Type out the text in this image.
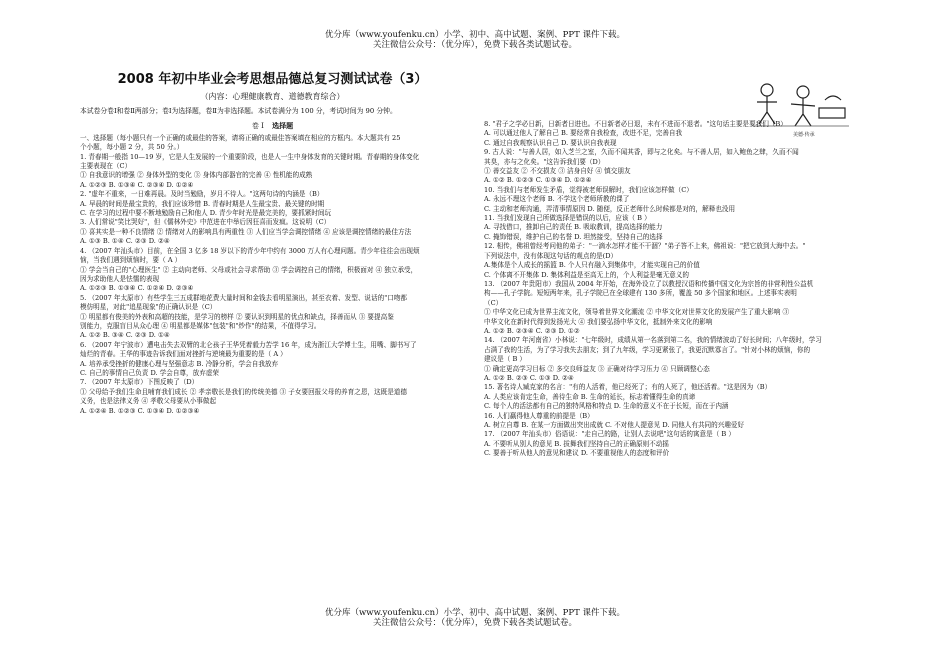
优分库（www.youfenku.cn）小学、初中、高中试题、案例、PPT 课件下载。
关注微信公众号：（优分库），免费下载各类试题试卷。
2008 年初中毕业会考思想品德总复习测试试卷（3）
（内容：心理健康教育、道德教育综合）
本试卷分卷Ⅰ和卷Ⅱ两部分；卷Ⅰ为选择题，卷Ⅱ为非选择题。本试卷满分为 100 分，考试时间为 90 分钟。
卷 Ⅰ 选择题
一、选择题（每小题只有一个正确的或最佳的答案，请将正确的或最佳答案填在相应的方框内。本大题共有 25
个小题，每小题 2 分，共 50 分。）
1. 青春期一般指 10—19 岁，它是人生发展的一个重要阶段，也是人一生中身体发育的关键时期。青春期的身体变化
主要表现在（C）
① 自我意识的增强 ② 身体外型的变化 ③ 身体内部器官的完善 ④ 性机能的成熟
A. ①②③ B. ①③④ C. ②③④ D. ①②④
2. "虚年不重来，一日难再晨。及时当勉励，岁月不待人。"这两句诗的内涵是（B）
A. 早晨的时间是最宝贵的，我们应该珍惜 B. 青春时期是人生最宝贵、最关键的时期
C. 在学习的过程中要不断地勉励自己和他人 D. 青少年时光是最完美的，要抓紧时间玩
3. 人们常说"笑比哭好"，但《儒林外史》中范进在中举后因狂喜而发疯。这说明（C）
① 喜其实是一种不良情绪 ② 情绪对人的影响具有两重性 ③ 人们应当学会调控情绪 ④ 应该是调控情绪的最佳方法
A. ①③ B. ①④ C. ②③ D. ②④
4. （2007 年汕头市）目前，在全国 3 亿多 18 岁以下的青少年中约有 3000 万人有心理问题。青少年往往会出现烦
恼，当我们遇到烦恼时，要（ A ）
① 学会当自己的"心理医生" ② 主动向老师、父母或社会寻求帮助 ③ 学会调控自己的情绪，积极面对 ④ 独立承受，
因为求助他人是怯懦的表现
A. ①②③ B. ①③④ C. ①②④ D. ②③④
5. （2007 年太原市）有些学生三五成群地花费大量时间和金钱去看明星演出，甚至衣着、发型、说话的"口吻都
模仿明星，对此"追星现象"的正确认识是（C）
① 明星都有俊美的外表和高超的技能，是学习的榜样 ② 要认识到明星的优点和缺点，择善而从 ③ 要提高鉴
别能力，克服盲目从众心理 ④ 明星都是媒体"包装"和"炒作"的结果，不值得学习。
A. ①② B. ③④ C. ②③ D. ①④
6. （2007 年宁波市）遭电击失去双臂的北仑孩子王华凭着毅力苦学 16 年，成为浙江大学博士生，用嘴、脚书写了
灿烂的青春。王华的事迹告诉我们面对挫折与逆境最为重要的是（ A ）
A. 培养承受挫折的健康心理与坚强意志 B. 冷静分析，学会自我放弃
C. 自己的事情自己负责 D. 学会自尊，放弃虚荣
7. （2007 年太原市）下图反映了（D）
① 父母给予我们生命且哺育我们成长 ② 孝亲敬长是我们的传统美德 ③ 子女要回报父母的养育之恩，这既是道德
义务，也是法律义务 ④ 孝敬父母要从小事做起
A. ①②④ B. ①②③ C. ①③④ D. ①②③④
美德·传承
8. "君子之学必日新，日新者日进也。不日新者必日退，未有不进而不退者。"这句话主要是要我们（B）
A. 可以通过他人了解自己 B. 要经常自我检查，改进不足，完善自我
C. 通过自我观察认识自己 D. 要认识自我表现
9. 古人说："与善人居，如入芝兰之室，久而不闻其香，即与之化矣。与不善人居，如入鲍鱼之肆，久而不闻
其臭，亦与之化矣。"这告诉我们要（D）
① 善交益友 ② 不交损友 ③ 洁身自好 ④ 慎交朋友
A. ①② B. ①②③ C. ①③④ D. ①②④
10. 当我们与老师发生矛盾，觉得被老师误解时，我们应该怎样做（C）
A. 永远不理这个老师 B. 不学这个老师所教的课了
C. 主动和老师沟通，弄清事情原因 D. 随便，反正老师什么时候都是对的，解释也没用
11. 当我们发现自己所做选择是错误的以后，应该（ B ）
A. 寻找借口，推卸自己的责任 B. 吸取教训，提高选择的能力
C. 掩饰错误，维护自己的名誉 D. 坦然接受，坚持自己的选择
12. 相传，佛祖曾经考问他的弟子："一滴水怎样才能不干涸？"弟子答不上来，佛祖说："把它放到大海中去。"
下列说法中，没有体现这句话的观点的是(D）
A.集体是个人成长的摇篮 B. 个人只有融入到集体中，才能实现自己的价值
C. 个体离不开集体 D. 集体利益是至高无上的，个人利益是毫无意义的
13. （2007 年贵阳市）我国从 2004 年开始，在海外设立了以教授汉语和传播中国文化为宗旨的非营利性公益机
构——孔子学院。短短两年来，孔子学院已在全球建有 130 多所，覆盖 50 多个国家和地区。上述事实表明
（C）
① 中华文化已成为世界主流文化，领导着世界文化潮流 ② 中华文化对世界文化的发展产生了重大影响 ③
中华文化在新时代得到发扬光大 ④ 我们要弘扬中华文化，抵制外来文化的影响
A. ①② B. ②③④ C. ②③ D. ①②
14. （2007 年河南省）小林说："七年级时，成绩从第一名落到第二名，我的情绪波动了好长时间；八年级时，学习
占满了我的生活，为了学习我失去朋友；到了九年级，学习更紧张了，我更沉默寡言了。"针对小林的烦恼，你的
建议是（ B ）
① 确定更高学习目标 ② 多交良师益友 ③ 正确对待学习压力 ④ 只顾调整心态
A. ①② B. ②③ C. ①③ D. ②④
15. 著名诗人臧克家的名言："有的人活着，他已经死了；有的人死了，他还活着。"这是因为（B）
A. 人类应该肯定生命，善待生命 B. 生命的延长，标志着懂得生命的真谛
C. 每个人的活法都有自己的独特风格和特点 D. 生命的意义不在于长短，而在于内涵
16. 人们赢得他人尊重的前提是（B）
A. 树立自尊 B. 在某一方面做出突出成就 C. 不对他人提意见 D. 同他人有共同的兴趣爱好
17. （2007 年汕头市）俗语说："走自己的路，让别人去说吧"这句话的寓意是（ B ）
A. 不要听从别人的意见 B. 拔舞我们坚持自己的正确原则不动摇
C. 要善于听从他人的意见和建议 D. 不要重视他人的态度和评价
优分库（www.youfenku.cn）小学、初中、高中试题、案例、PPT 课件下载。
关注微信公众号：（优分库），免费下载各类试题试卷。
